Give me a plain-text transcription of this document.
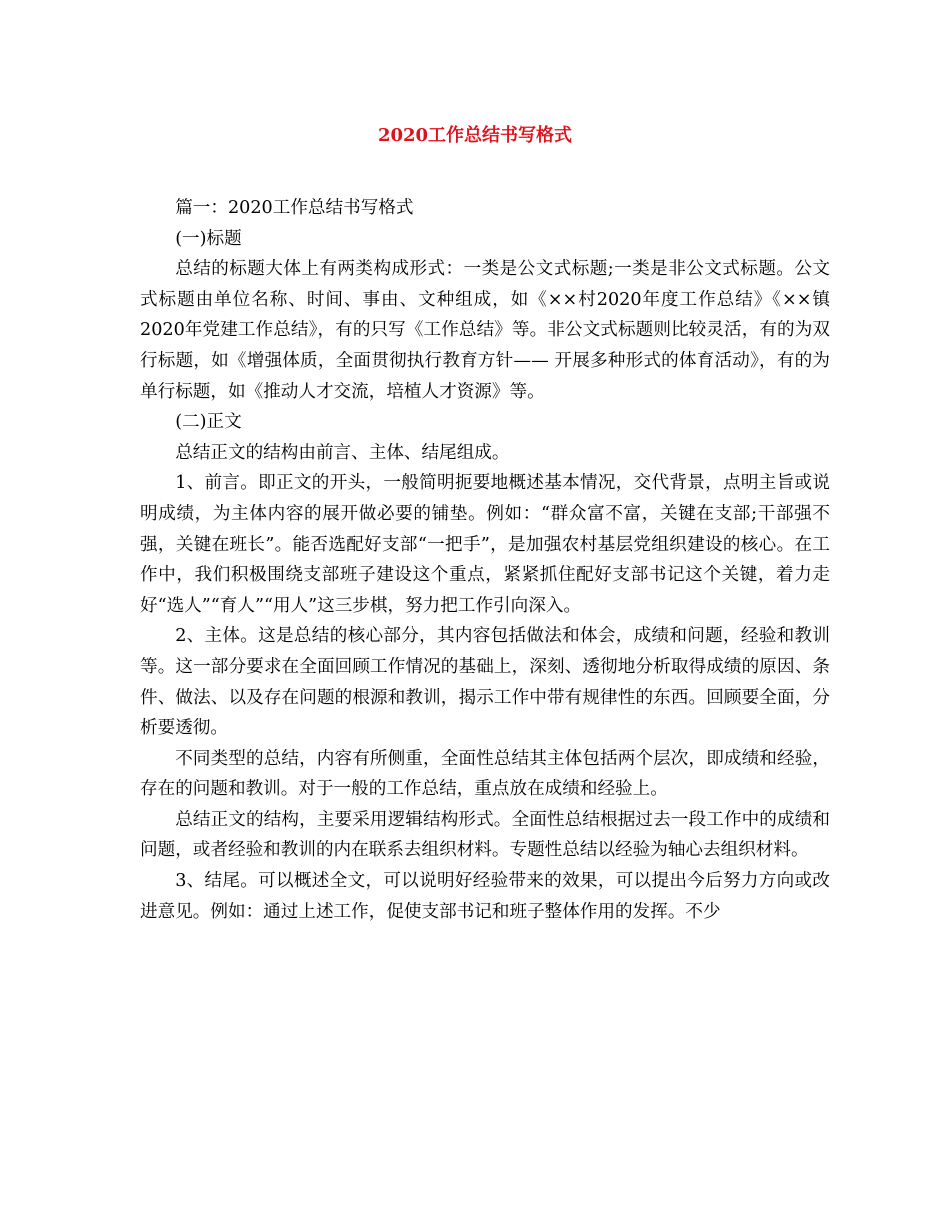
2020工作总结书写格式

篇一：2020工作总结书写格式

(一)标题

总结的标题大体上有两类构成形式：一类是公文式标题;一类是非公文式标题。公文式标题由单位名称、时间、事由、文种组成，如《××村2020年度工作总结》《××镇2020年党建工作总结》，有的只写《工作总结》等。非公文式标题则比较灵活，有的为双行标题，如《增强体质，全面贯彻执行教育方针—— 开展多种形式的体育活动》，有的为单行标题，如《推动人才交流，培植人才资源》等。

(二)正文

总结正文的结构由前言、主体、结尾组成。

1、前言。即正文的开头，一般简明扼要地概述基本情况，交代背景，点明主旨或说明成绩，为主体内容的展开做必要的铺垫。例如：“群众富不富，关键在支部;干部强不强，关键在班长”。能否选配好支部“一把手”，是加强农村基层党组织建设的核心。在工作中，我们积极围绕支部班子建设这个重点，紧紧抓住配好支部书记这个关键，着力走好“选人”“育人”“用人”这三步棋，努力把工作引向深入。

2、主体。这是总结的核心部分，其内容包括做法和体会，成绩和问题，经验和教训等。这一部分要求在全面回顾工作情况的基础上，深刻、透彻地分析取得成绩的原因、条件、做法、以及存在问题的根源和教训，揭示工作中带有规律性的东西。回顾要全面，分析要透彻。

不同类型的总结，内容有所侧重，全面性总结其主体包括两个层次，即成绩和经验，存在的问题和教训。对于一般的工作总结，重点放在成绩和经验上。

总结正文的结构，主要采用逻辑结构形式。全面性总结根据过去一段工作中的成绩和问题，或者经验和教训的内在联系去组织材料。专题性总结以经验为轴心去组织材料。

3、结尾。可以概述全文，可以说明好经验带来的效果，可以提出今后努力方向或改进意见。例如：通过上述工作，促使支部书记和班子整体作用的发挥。不少
